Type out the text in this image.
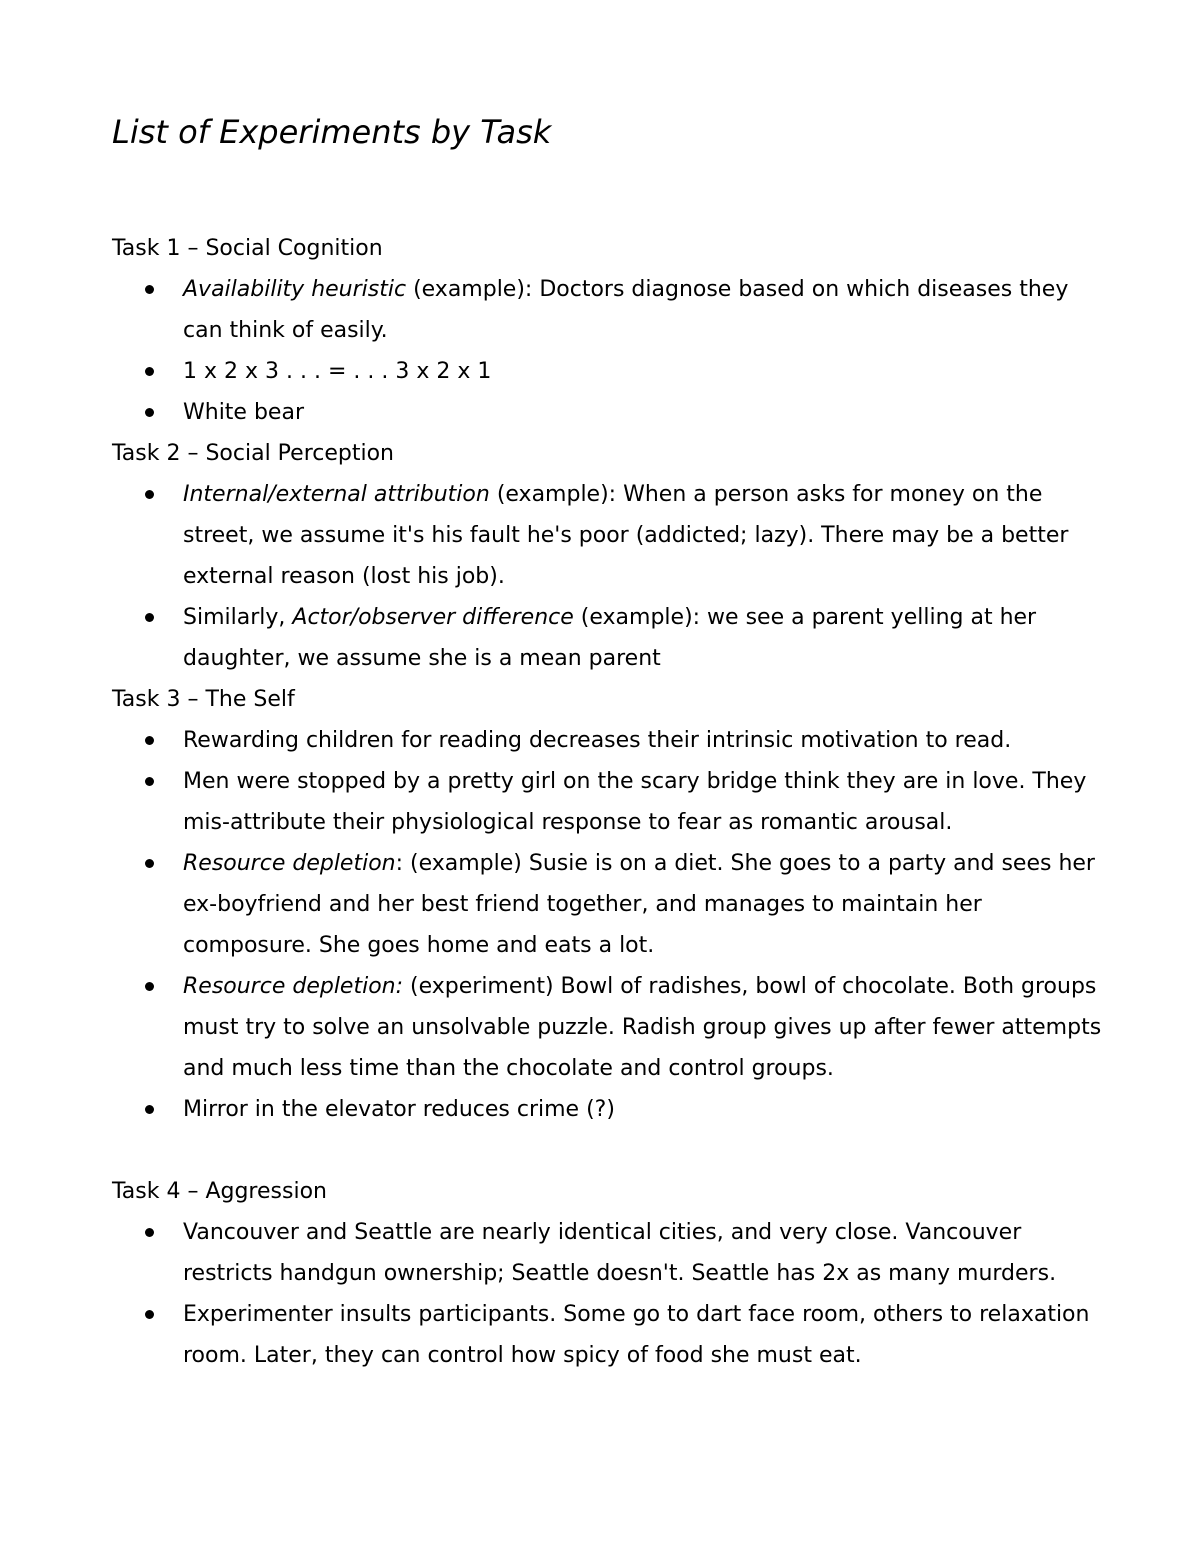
List of Experiments by Task
Task 1 – Social Cognition
Availability heuristic (example): Doctors diagnose based on which diseases they can think of easily.
1 x 2 x 3 . . . = . . . 3 x 2 x 1
White bear
Task 2 – Social Perception
Internal/external attribution (example): When a person asks for money on the street, we assume it's his fault he's poor (addicted; lazy). There may be a better external reason (lost his job).
Similarly, Actor/observer difference (example): we see a parent yelling at her daughter, we assume she is a mean parent
Task 3 – The Self
Rewarding children for reading decreases their intrinsic motivation to read.
Men were stopped by a pretty girl on the scary bridge think they are in love. They mis-attribute their physiological response to fear as romantic arousal.
Resource depletion: (example) Susie is on a diet. She goes to a party and sees her ex-boyfriend and her best friend together, and manages to maintain her composure. She goes home and eats a lot.
Resource depletion: (experiment) Bowl of radishes, bowl of chocolate. Both groups must try to solve an unsolvable puzzle. Radish group gives up after fewer attempts and much less time than the chocolate and control groups.
Mirror in the elevator reduces crime (?)
Task 4 – Aggression
Vancouver and Seattle are nearly identical cities, and very close. Vancouver restricts handgun ownership; Seattle doesn't. Seattle has 2x as many murders.
Experimenter insults participants. Some go to dart face room, others to relaxation room. Later, they can control how spicy of food she must eat.
